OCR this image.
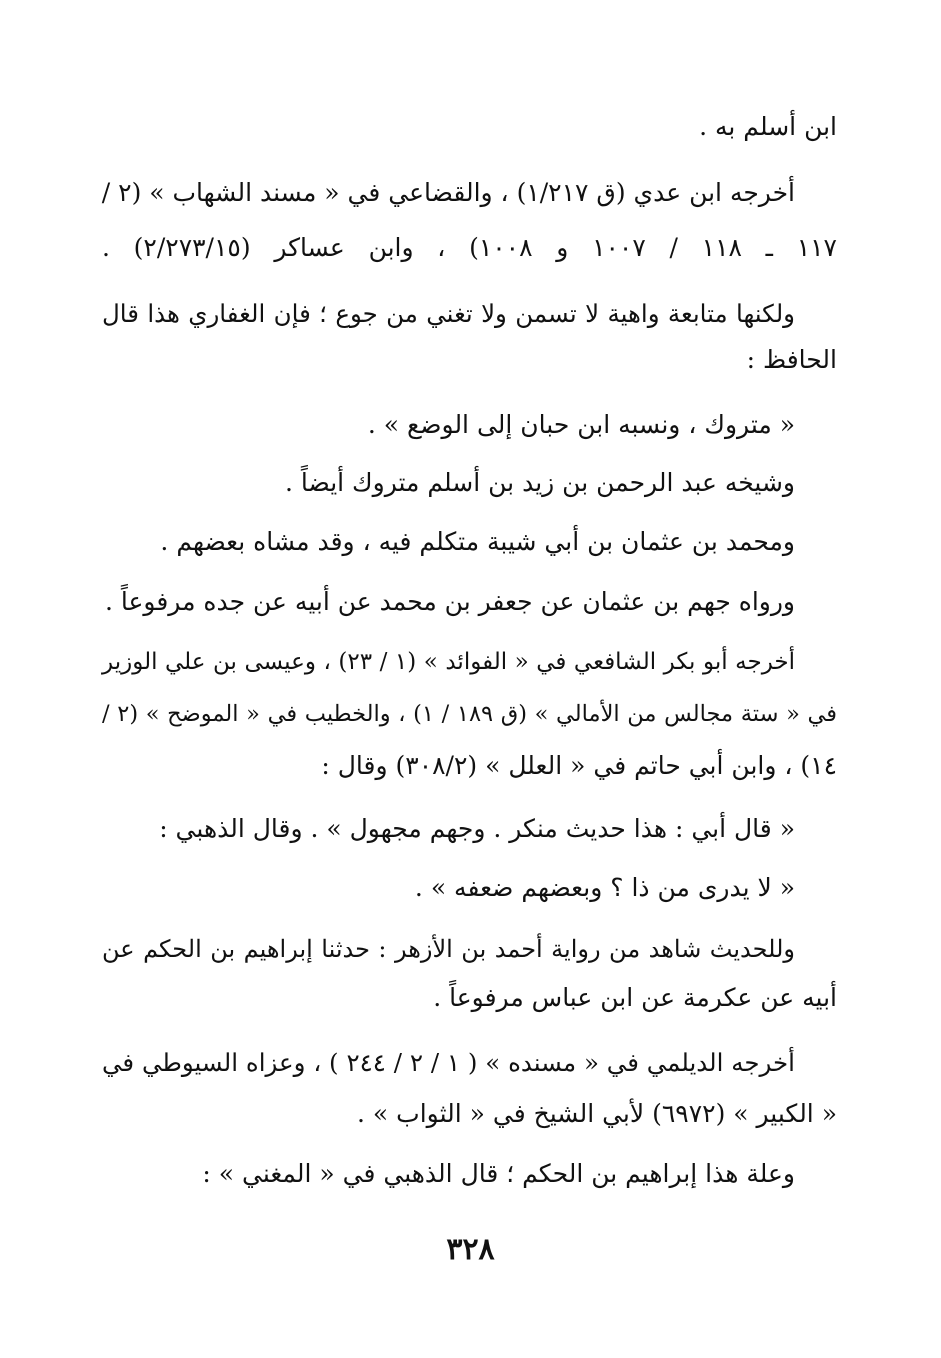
ابن أسلم به .
أخرجه ابن عدي (ق ١/٢١٧) ، والقضاعي في « مسند الشهاب » (٢ /
١١٧ ـ ١١٨ / ١٠٠٧ و ١٠٠٨) ، وابن عساكر (٢/٢٧٣/١٥) .
ولكنها متابعة واهية لا تسمن ولا تغني من جوع ؛ فإن الغفاري هذا قال
الحافظ :
« متروك ، ونسبه ابن حبان إلى الوضع » .
وشيخه عبد الرحمن بن زيد بن أسلم متروك أيضاً .
ومحمد بن عثمان بن أبي شيبة متكلم فيه ، وقد مشاه بعضهم .
ورواه جهم بن عثمان عن جعفر بن محمد عن أبيه عن جده مرفوعاً .
أخرجه أبو بكر الشافعي في « الفوائد » (١ / ٢٣) ، وعيسى بن علي الوزير
في « ستة مجالس من الأمالي » (ق ١٨٩ / ١) ، والخطيب في « الموضح » (٢ /
١٤) ، وابن أبي حاتم في « العلل » (٣٠٨/٢) وقال :
« قال أبي : هذا حديث منكر . وجهم مجهول » . وقال الذهبي :
« لا يدرى من ذا ؟ وبعضهم ضعفه » .
وللحديث شاهد من رواية أحمد بن الأزهر : حدثنا إبراهيم بن الحكم عن
أبيه عن عكرمة عن ابن عباس مرفوعاً .
أخرجه الديلمي في « مسنده » ( ١ / ٢ / ٢٤٤ ) ، وعزاه السيوطي في
« الكبير » (٦٩٧٢) لأبي الشيخ في « الثواب » .
وعلة هذا إبراهيم بن الحكم ؛ قال الذهبي في « المغني » :
٣٢٨
